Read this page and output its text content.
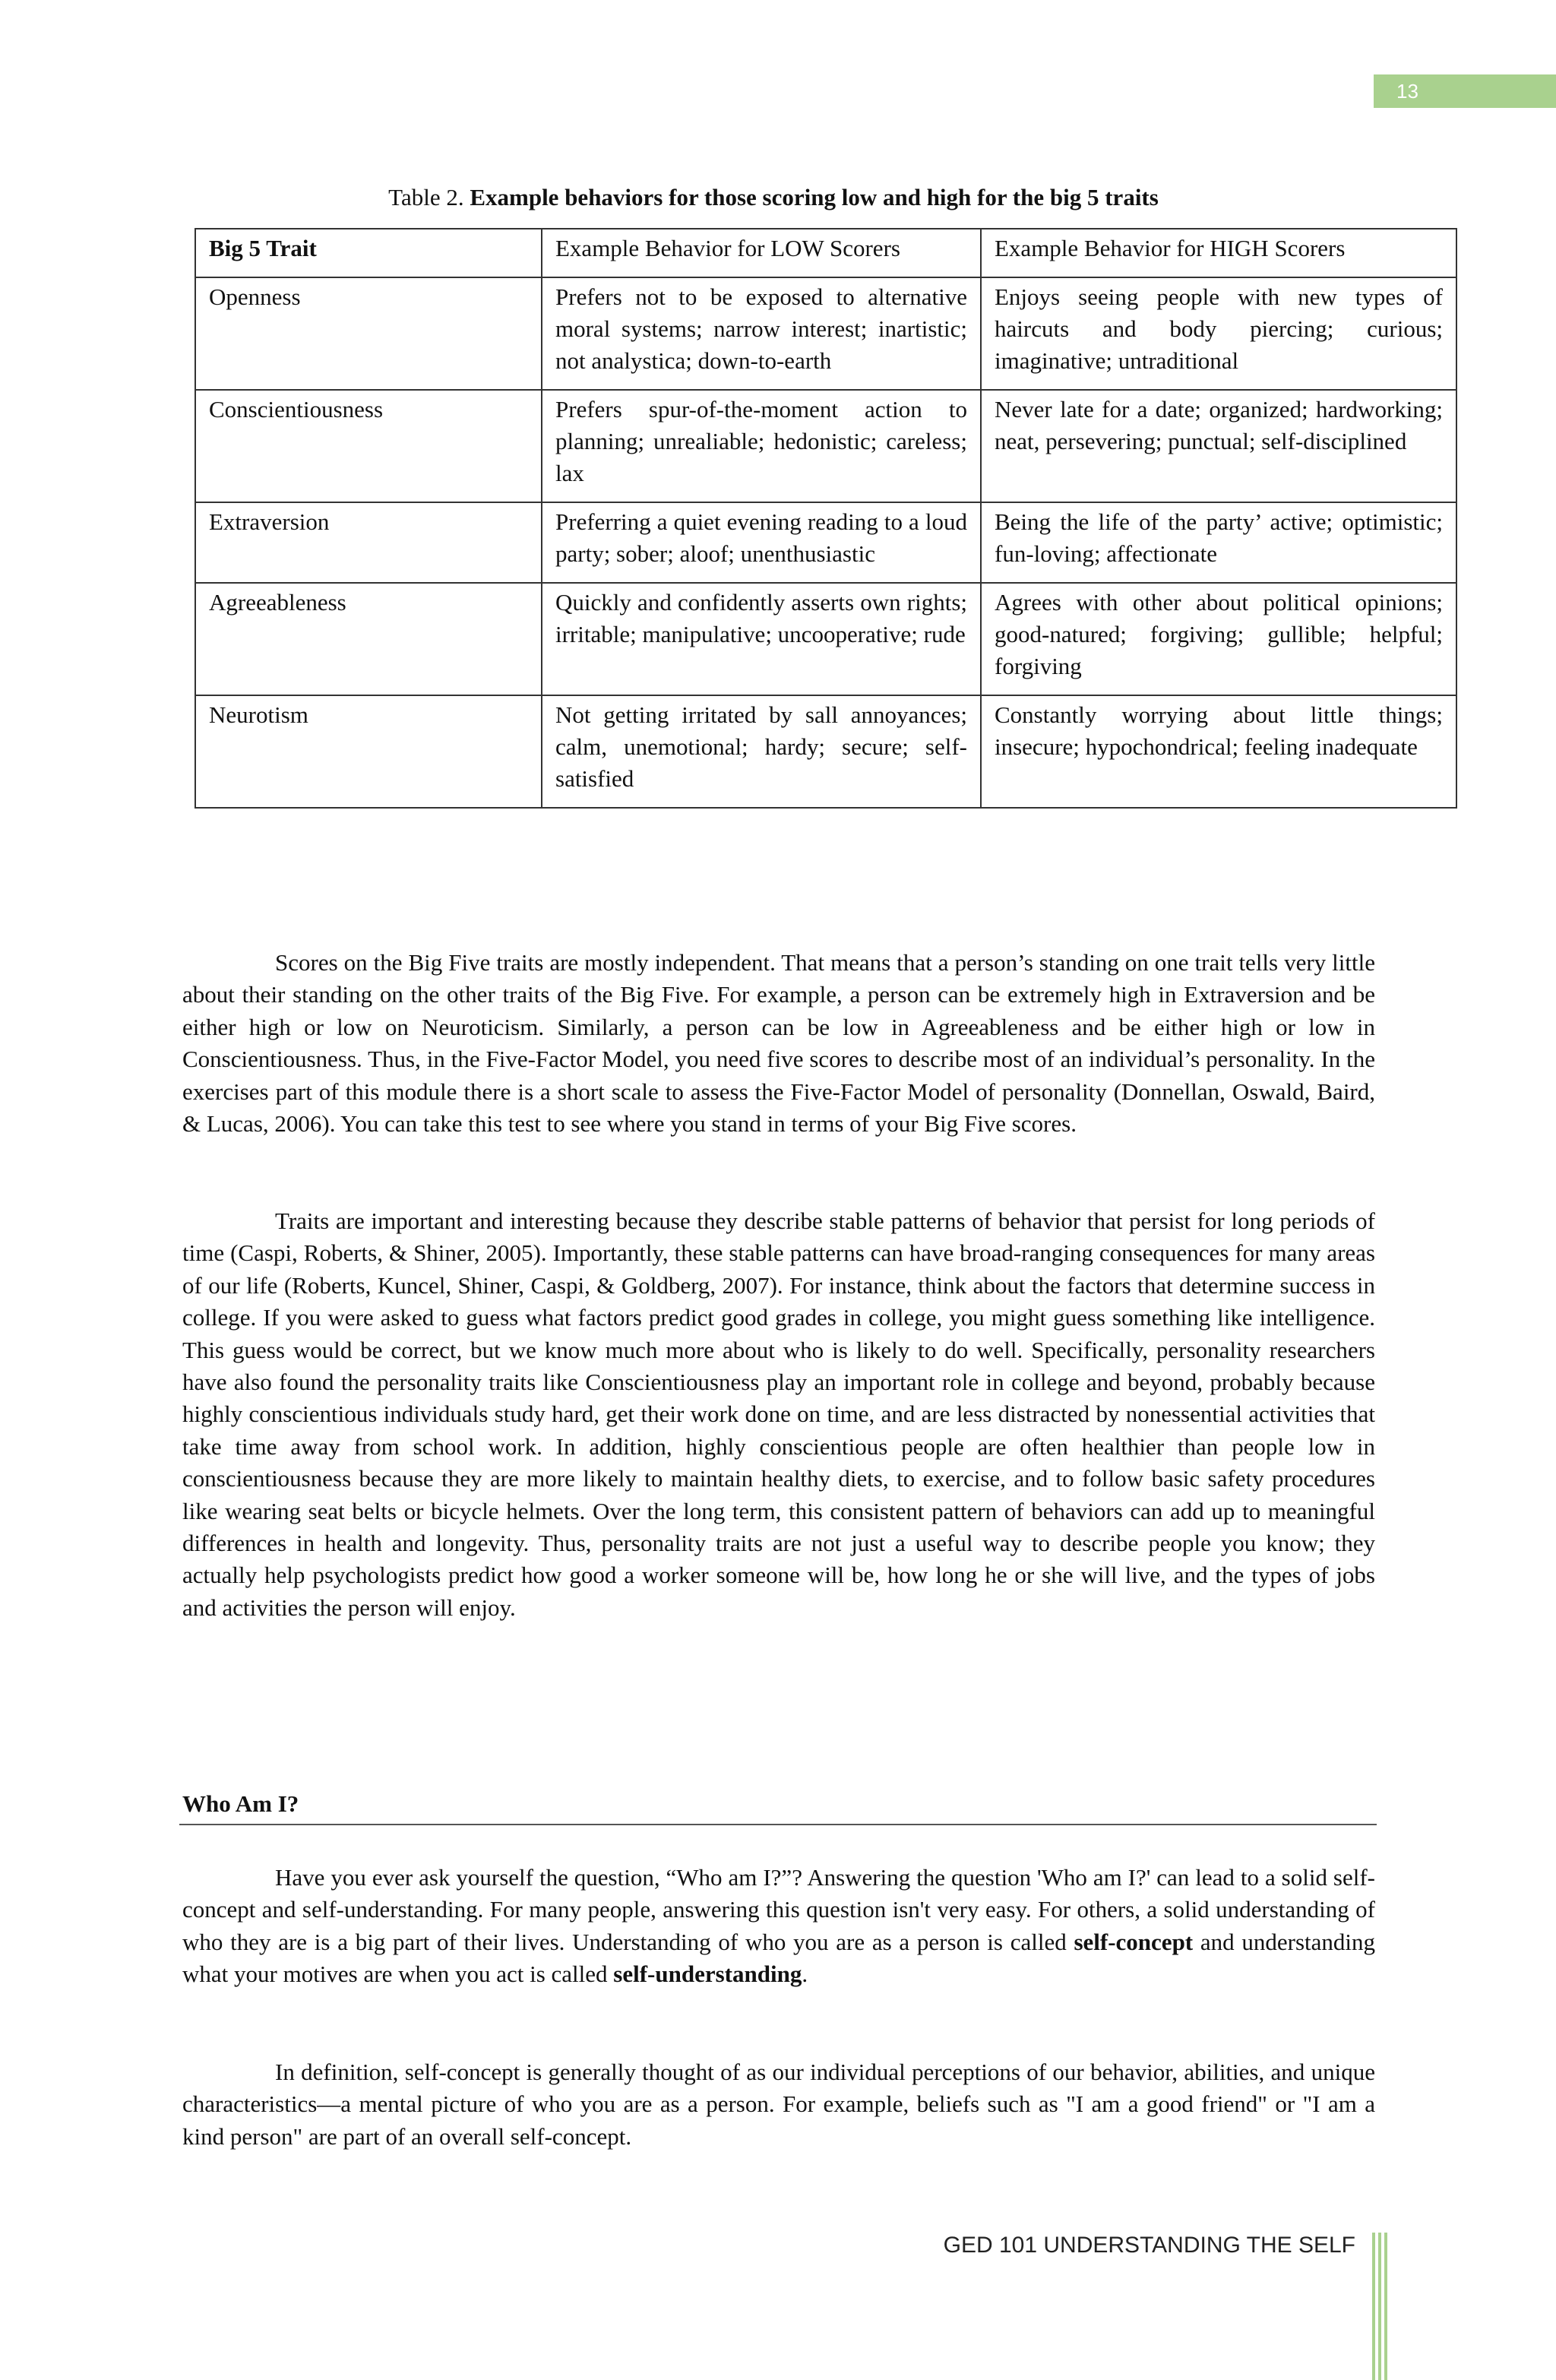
13
Table 2. Example behaviors for those scoring low and high for the big 5 traits
Big 5 Trait	Example Behavior for LOW Scorers	Example Behavior for HIGH Scorers
Openness	Prefers not to be exposed to alternative moral systems; narrow interest; inartistic; not analystica; down-to-earth	Enjoys seeing people with new types of haircuts and body piercing; curious; imaginative; untraditional
Conscientiousness	Prefers spur-of-the-moment action to planning; unrealiable; hedonistic; careless; lax	Never late for a date; organized; hardworking; neat, persevering; punctual; self-disciplined
Extraversion	Preferring a quiet evening reading to a loud party; sober; aloof; unenthusiastic	Being the life of the party’ active; optimistic; fun-loving; affectionate
Agreeableness	Quickly and confidently asserts own rights; irritable; manipulative; uncooperative; rude	Agrees with other about political opinions; good-natured; forgiving; gullible; helpful; forgiving
Neurotism	Not getting irritated by sall annoyances; calm, unemotional; hardy; secure; self-satisfied	Constantly worrying about little things; insecure; hypochondrical; feeling inadequate

Scores on the Big Five traits are mostly independent. That means that a person’s standing on one trait tells very little about their standing on the other traits of the Big Five. For example, a person can be extremely high in Extraversion and be either high or low on Neuroticism. Similarly, a person can be low in Agreeableness and be either high or low in Conscientiousness. Thus, in the Five-Factor Model, you need five scores to describe most of an individual’s personality. In the exercises part of this module there is a short scale to assess the Five-Factor Model of personality (Donnellan, Oswald, Baird, & Lucas, 2006). You can take this test to see where you stand in terms of your Big Five scores.

Traits are important and interesting because they describe stable patterns of behavior that persist for long periods of time (Caspi, Roberts, & Shiner, 2005). Importantly, these stable patterns can have broad-ranging consequences for many areas of our life (Roberts, Kuncel, Shiner, Caspi, & Goldberg, 2007). For instance, think about the factors that determine success in college. If you were asked to guess what factors predict good grades in college, you might guess something like intelligence. This guess would be correct, but we know much more about who is likely to do well. Specifically, personality researchers have also found the personality traits like Conscientiousness play an important role in college and beyond, probably because highly conscientious individuals study hard, get their work done on time, and are less distracted by nonessential activities that take time away from school work. In addition, highly conscientious people are often healthier than people low in conscientiousness because they are more likely to maintain healthy diets, to exercise, and to follow basic safety procedures like wearing seat belts or bicycle helmets. Over the long term, this consistent pattern of behaviors can add up to meaningful differences in health and longevity. Thus, personality traits are not just a useful way to describe people you know; they actually help psychologists predict how good a worker someone will be, how long he or she will live, and the types of jobs and activities the person will enjoy.

Who Am I?

Have you ever ask yourself the question, “Who am I?”? Answering the question 'Who am I?' can lead to a solid self-concept and self-understanding. For many people, answering this question isn't very easy. For others, a solid understanding of who they are is a big part of their lives. Understanding of who you are as a person is called self-concept and understanding what your motives are when you act is called self-understanding.

In definition, self-concept is generally thought of as our individual perceptions of our behavior, abilities, and unique characteristics—a mental picture of who you are as a person. For example, beliefs such as "I am a good friend" or "I am a kind person" are part of an overall self-concept.

GED 101 UNDERSTANDING THE SELF
